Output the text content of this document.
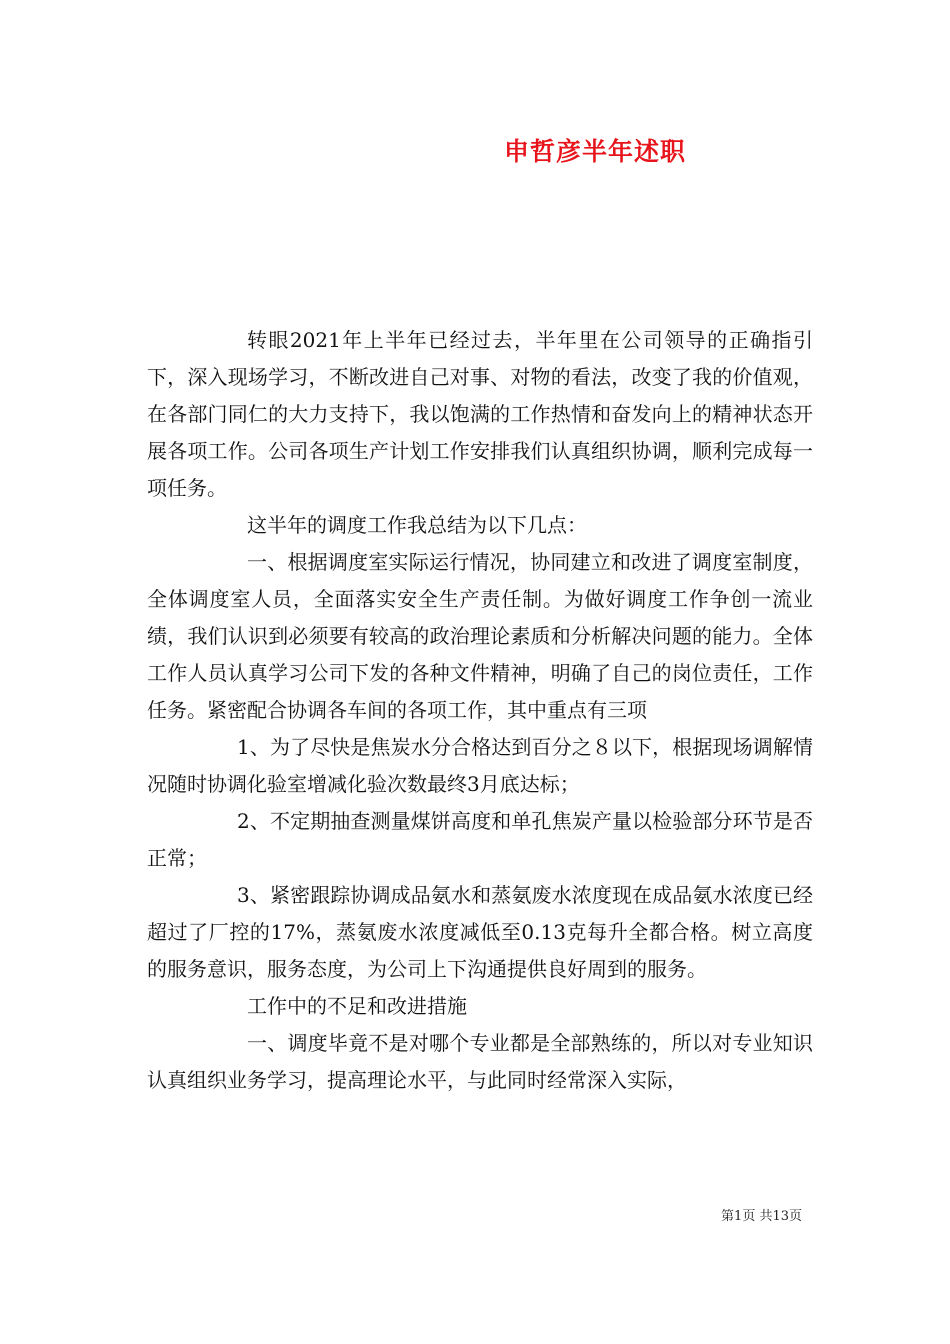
申哲彦半年述职

转眼2021年上半年已经过去，半年里在公司领导的正确指引下，深入现场学习，不断改进自己对事、对物的看法，改变了我的价值观，在各部门同仁的大力支持下，我以饱满的工作热情和奋发向上的精神状态开展各项工作。公司各项生产计划工作安排我们认真组织协调，顺利完成每一项任务。

这半年的调度工作我总结为以下几点：

一、根据调度室实际运行情况，协同建立和改进了调度室制度，全体调度室人员，全面落实安全生产责任制。为做好调度工作争创一流业绩，我们认识到必须要有较高的政治理论素质和分析解决问题的能力。全体工作人员认真学习公司下发的各种文件精神，明确了自己的岗位责任，工作任务。紧密配合协调各车间的各项工作，其中重点有三项

1、为了尽快是焦炭水分合格达到百分之８以下，根据现场调解情况随时协调化验室增减化验次数最终3月底达标；

2、不定期抽查测量煤饼高度和单孔焦炭产量以检验部分环节是否正常；

3、紧密跟踪协调成品氨水和蒸氨废水浓度现在成品氨水浓度已经超过了厂控的17%，蒸氨废水浓度减低至0.13克每升全都合格。树立高度的服务意识，服务态度，为公司上下沟通提供良好周到的服务。

工作中的不足和改进措施

一、调度毕竟不是对哪个专业都是全部熟练的，所以对专业知识认真组织业务学习，提高理论水平，与此同时经常深入实际，

第1页 共13页
